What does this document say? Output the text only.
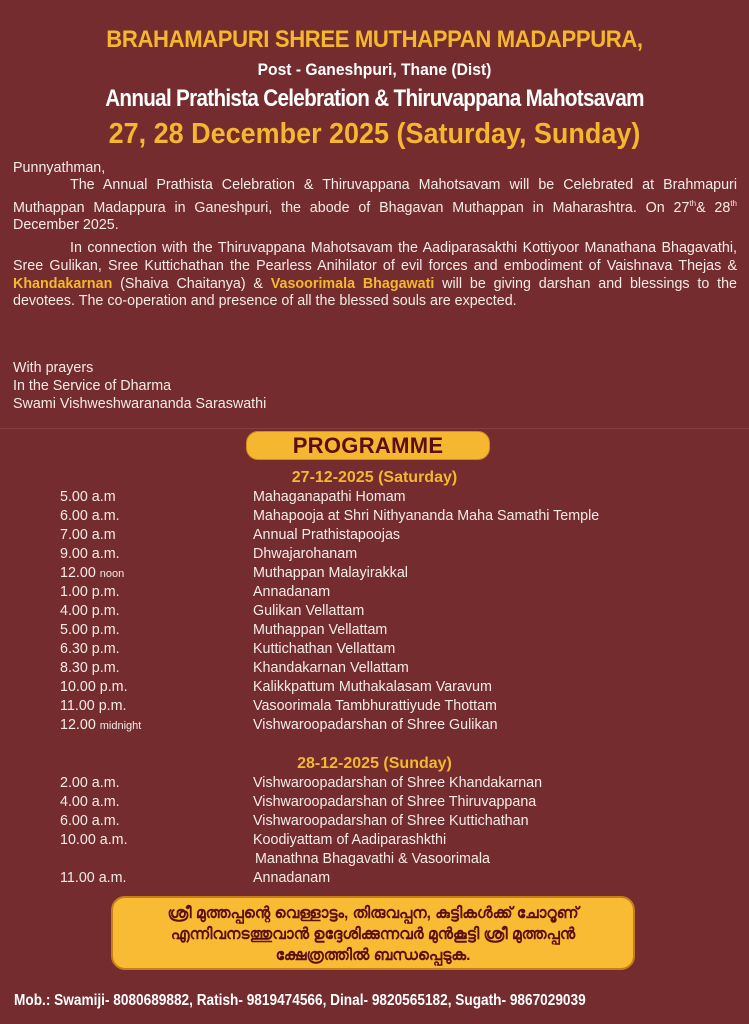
BRAHAMAPURI SHREE MUTHAPPAN MADAPPURA,
Post - Ganeshpuri, Thane (Dist)
Annual Prathista Celebration & Thiruvappana Mahotsavam
27, 28 December 2025 (Saturday, Sunday)
Punnyathman,
The Annual Prathista Celebration & Thiruvappana Mahotsavam will be Celebrated at Brahmapuri Muthappan Madappura in Ganeshpuri, the abode of Bhagavan Muthappan in Maharashtra. On 27th& 28th December 2025.
In connection with the Thiruvappana Mahotsavam the Aadiparasakthi Kottiyoor Manathana Bhagavathi, Sree Gulikan, Sree Kuttichathan the Pearless Anihilator of evil forces and embodiment of Vaishnava Thejas & Khandakarnan (Shaiva Chaitanya) & Vasoorimala Bhagawati will be giving darshan and blessings to the devotees. The co-operation and presence of all the blessed souls are expected.
With prayers
In the Service of Dharma
Swami Vishweshwarananda Saraswathi
PROGRAMME
27-12-2025 (Saturday)
5.00 a.m	Mahaganapathi Homam
6.00 a.m.	Mahapooja at Shri Nithyananda Maha Samathi Temple
7.00 a.m	Annual Prathistapoojas
9.00 a.m.	Dhwajarohanam
12.00 noon	Muthappan Malayirakkal
1.00 p.m.	Annadanam
4.00 p.m.	Gulikan Vellattam
5.00 p.m.	Muthappan Vellattam
6.30 p.m.	Kuttichathan Vellattam
8.30 p.m.	Khandakarnan Vellattam
10.00 p.m.	Kalikkpattum Muthakalasam Varavum
11.00 p.m.	Vasoorimala Tambhurattiyude Thottam
12.00 midnight	Vishwaroopadarshan of Shree Gulikan
28-12-2025 (Sunday)
2.00 a.m.	Vishwaroopadarshan of Shree Khandakarnan
4.00 a.m.	Vishwaroopadarshan of Shree Thiruvappana
6.00 a.m.	Vishwaroopadarshan of Shree Kuttichathan
10.00 a.m.	Koodiyattam of Aadiparashkthi
Manathna Bhagavathi & Vasoorimala
11.00 a.m.	Annadanam
ശ്രീ മുത്തപ്പന്റെ വെള്ളാട്ടം, തിരുവപ്പന, കുട്ടികൾക്ക് ചോറൂണ്
എന്നിവനടത്തുവാൻ ഉദ്ദേശിക്കുന്നവർ മുൻകൂട്ടി ശ്രീ മുത്തപ്പൻ
ക്ഷേത്രത്തിൽ ബന്ധപ്പെടുക.
Mob.: Swamiji- 8080689882, Ratish- 9819474566, Dinal- 9820565182, Sugath- 9867029039
